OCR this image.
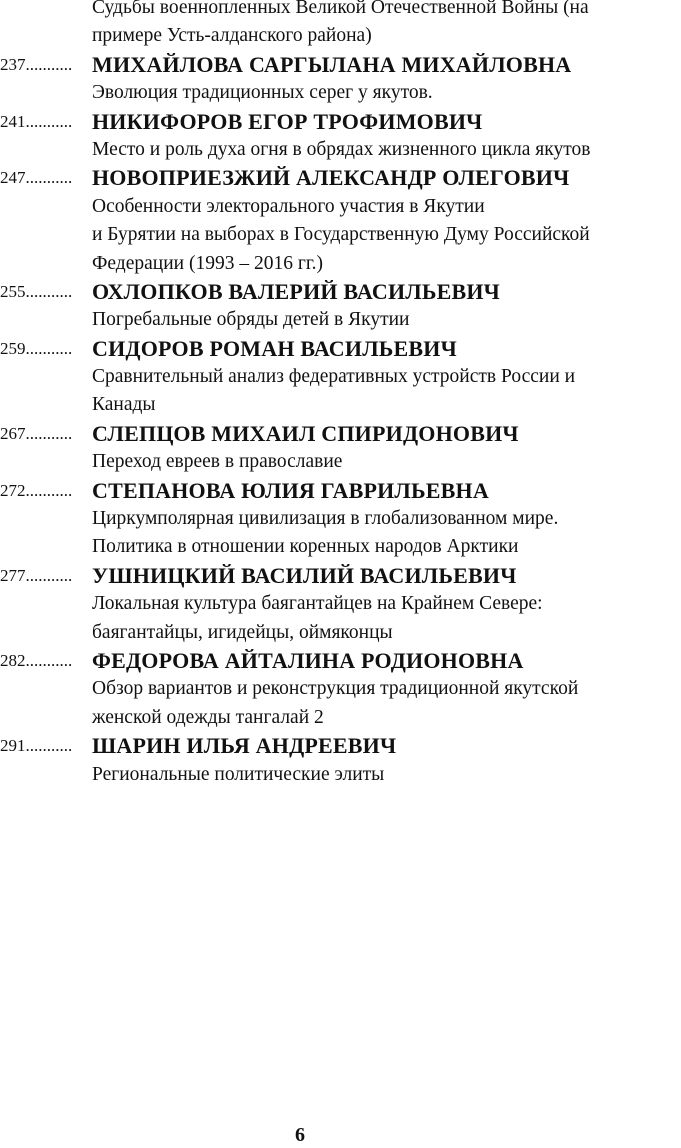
Судьбы военнопленных Великой Отечественной Войны (на
примере Усть-алданского района)
237........... МИХАЙЛОВА САРГЫЛАНА МИХАЙЛОВНА
Эволюция традиционных серег у якутов.
241........... НИКИФОРОВ ЕГОР ТРОФИМОВИЧ
Место и роль духа огня в обрядах жизненного цикла якутов
247........... НОВОПРИЕЗЖИЙ АЛЕКСАНДР ОЛЕГОВИЧ
Особенности электорального участия в Якутии
и Бурятии на выборах в Государственную Думу Российской
Федерации (1993 – 2016 гг.)
255........... ОХЛОПКОВ ВАЛЕРИЙ ВАСИЛЬЕВИЧ
Погребальные обряды детей в Якутии
259........... СИДОРОВ РОМАН ВАСИЛЬЕВИЧ
Сравнительный анализ федеративных устройств России и
Канады
267........... СЛЕПЦОВ МИХАИЛ СПИРИДОНОВИЧ
Переход евреев в православие
272........... СТЕПАНОВА ЮЛИЯ ГАВРИЛЬЕВНА
Циркумполярная цивилизация в глобализованном мире.
Политика в отношении коренных народов Арктики
277........... УШНИЦКИЙ ВАСИЛИЙ ВАСИЛЬЕВИЧ
Локальная культура баягантайцев на Крайнем Севере:
баягантайцы, игидейцы, оймяконцы
282........... ФЕДОРОВА АЙТАЛИНА РОДИОНОВНА
Обзор вариантов и реконструкция традиционной якутской
женской одежды тангалай 2
291........... ШАРИН ИЛЬЯ АНДРЕЕВИЧ
Региональные политические элиты
6
